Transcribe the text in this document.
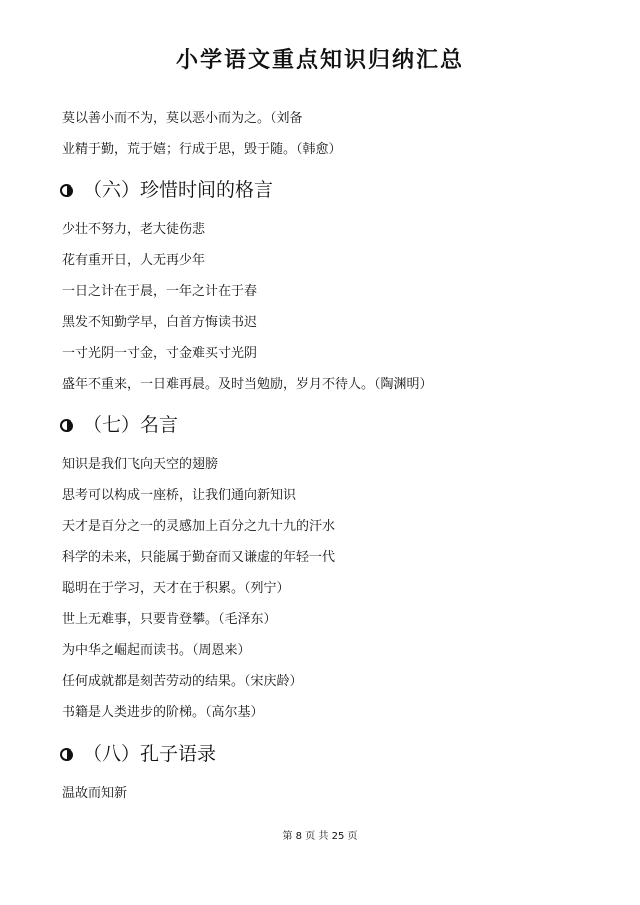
小学语文重点知识归纳汇总
莫以善小而不为，莫以恶小而为之。（刘备
业精于勤，荒于嬉；行成于思，毁于随。（韩愈）
（六）珍惜时间的格言
少壮不努力，老大徒伤悲
花有重开日，人无再少年
一日之计在于晨，一年之计在于春
黑发不知勤学早，白首方悔读书迟
一寸光阴一寸金，寸金难买寸光阴
盛年不重来，一日难再晨。及时当勉励，岁月不待人。（陶渊明）
（七）名言
知识是我们飞向天空的翅膀
思考可以构成一座桥，让我们通向新知识
天才是百分之一的灵感加上百分之九十九的汗水
科学的未来，只能属于勤奋而又谦虚的年轻一代
聪明在于学习，天才在于积累。（列宁）
世上无难事，只要肯登攀。（毛泽东）
为中华之崛起而读书。（周恩来）
任何成就都是刻苦劳动的结果。（宋庆龄）
书籍是人类进步的阶梯。（高尔基）
（八）孔子语录
温故而知新
第 8 页 共 25 页
